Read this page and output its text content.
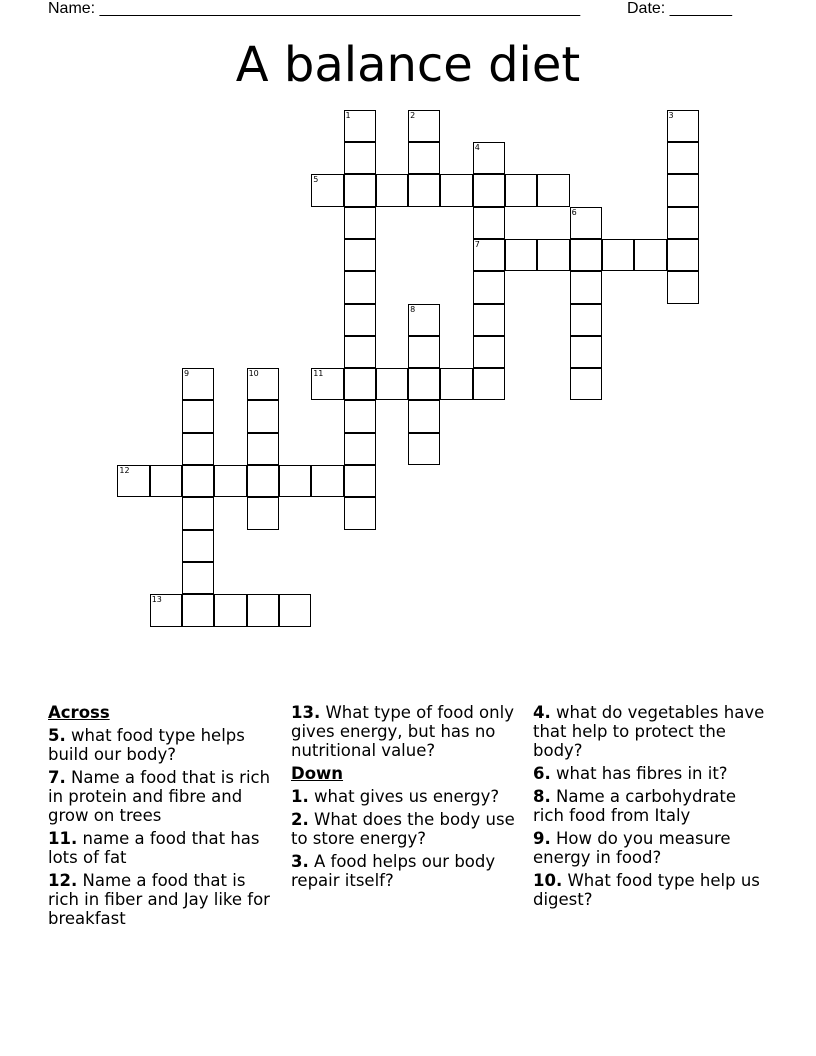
Name: ______________________________________________________	Date: _______
A balance diet
1	2	3
4
7
5
6
8
9	10	11
12
13
Across
5. what food type helps build our body?
7. Name a food that is rich in protein and fibre and grow on trees
11. name a food that has lots of fat
12. Name a food that is rich in fiber and Jay like for breakfast
13. What type of food only gives energy, but has no nutritional value?
Down
1. what gives us energy?
2. What does the body use to store energy?
3. A food helps our body repair itself?
4. what do vegetables have that help to protect the body?
6. what has fibres in it?
8. Name a carbohydrate rich food from Italy
9. How do you measure energy in food?
10. What food type help us digest?
